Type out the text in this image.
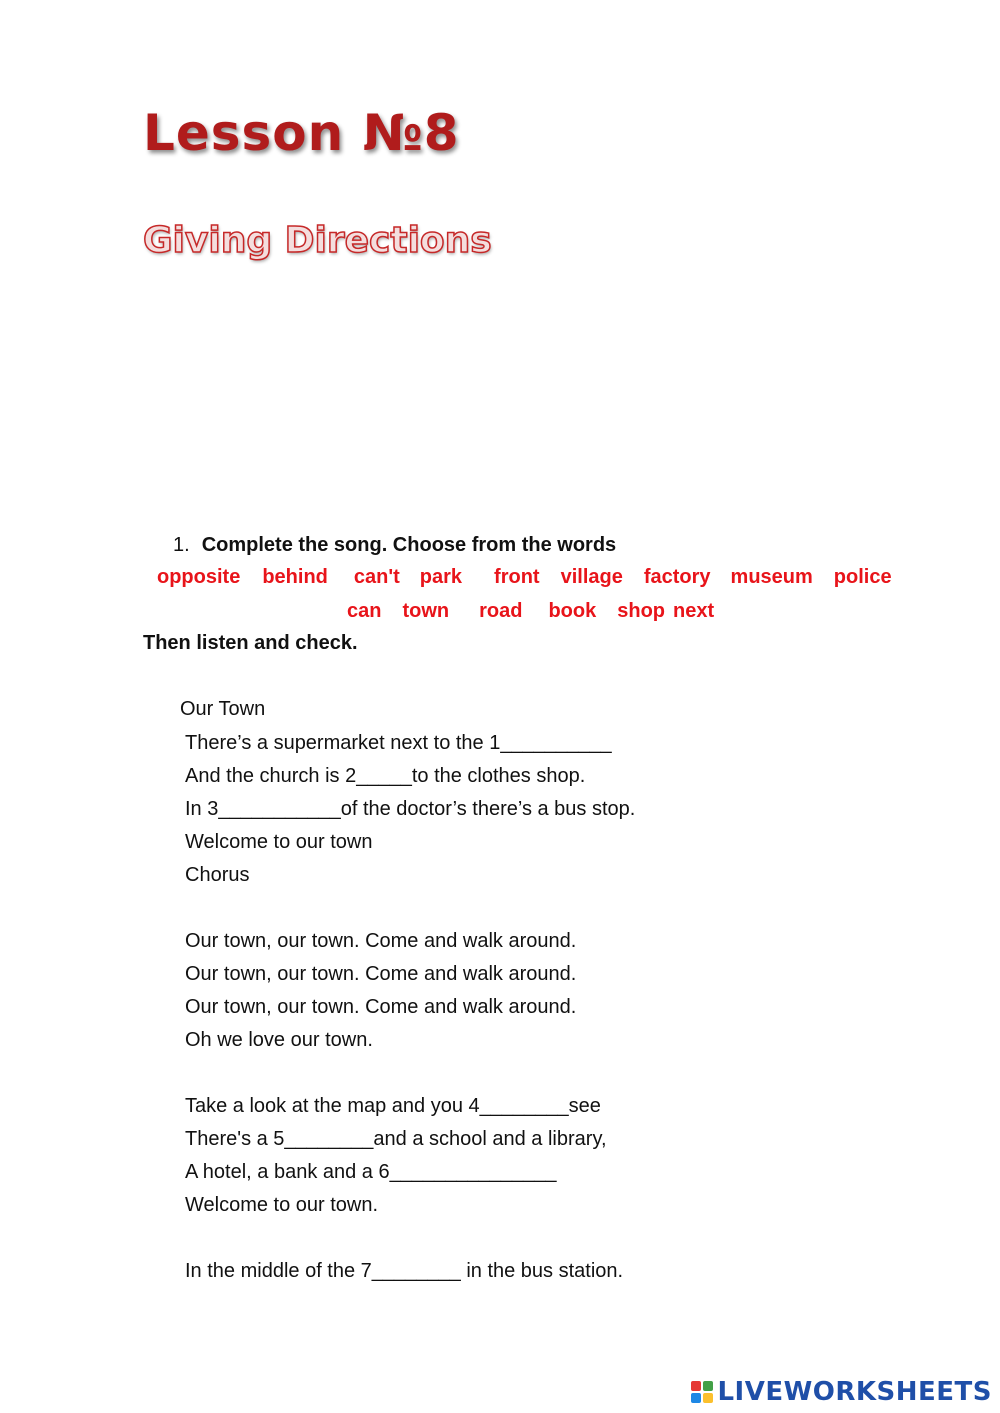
Lesson №8
Giving Directions
1. Complete the song. Choose from the words
opposite behind can't park front village factory museum police
can town road book shop next
Then listen and check.
Our Town
There’s a supermarket next to the 1__________
And the church is 2_____to the clothes shop.
In 3___________of the doctor’s there’s a bus stop.
Welcome to our town
Chorus
Our town, our town. Come and walk around.
Our town, our town. Come and walk around.
Our town, our town. Come and walk around.
Oh we love our town.
Take a look at the map and you 4________see
There's a 5________and a school and a library,
A hotel, a bank and a 6_______________
Welcome to our town.
In the middle of the 7________ in the bus station.
LIVEWORKSHEETS
